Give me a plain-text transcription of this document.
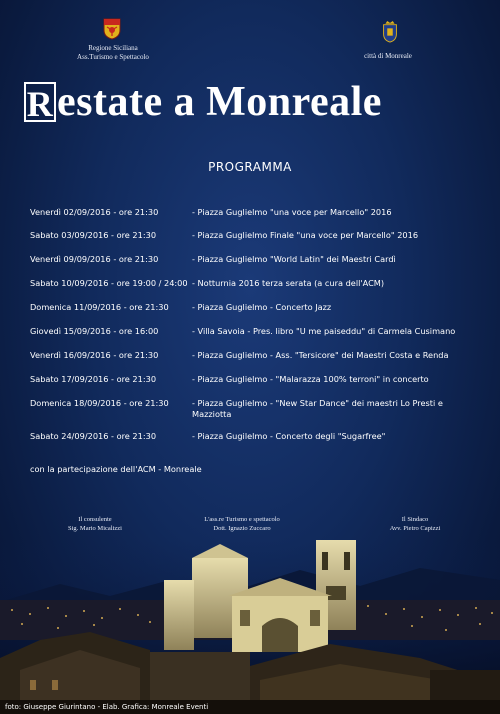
Regione Siciliana
Ass.Turismo e Spettacolo	città di Monreale
Restate a Monreale
PROGRAMMA
Venerdì 02/09/2016 - ore 21:30	- Piazza Guglielmo "una voce per Marcello" 2016
Sabato 03/09/2016 - ore 21:30	- Piazza Guglielmo Finale "una voce per Marcello" 2016
Venerdì 09/09/2016 - ore 21:30	- Piazza Guglielmo "World Latin" dei Maestri Cardì
Sabato 10/09/2016 - ore 19:00 / 24:00 - Notturnia 2016 terza serata (a cura dell'ACM)
Domenica 11/09/2016 - ore 21:30	- Piazza Guglielmo - Concerto Jazz
Giovedì 15/09/2016 - ore 16:00	- Villa Savoia - Pres. libro "U me paiseddu" di Carmela Cusimano
Venerdì 16/09/2016 - ore 21:30	- Piazza Guglielmo - Ass. "Tersicore" dei Maestri Costa e Renda
Sabato 17/09/2016 - ore 21:30	- Piazza Guglielmo - "Malarazza 100% terroni" in concerto
Domenica 18/09/2016 - ore 21:30	- Piazza Guglielmo - "New Star Dance" dei maestri Lo Presti e Mazziotta
Sabato 24/09/2016 - ore 21:30	- Piazza Gugilelmo - Concerto degli "Sugarfree"
con la partecipazione dell'ACM - Monreale
Il consulente
Sig. Mario Micalizzi
L'ass.re Turismo e spettacolo
Dott. Ignazio Zuccaro
Il Sindaco
Avv. Pietro Capizzi
foto: Giuseppe Giurintano - Elab. Grafica: Monreale Eventi
